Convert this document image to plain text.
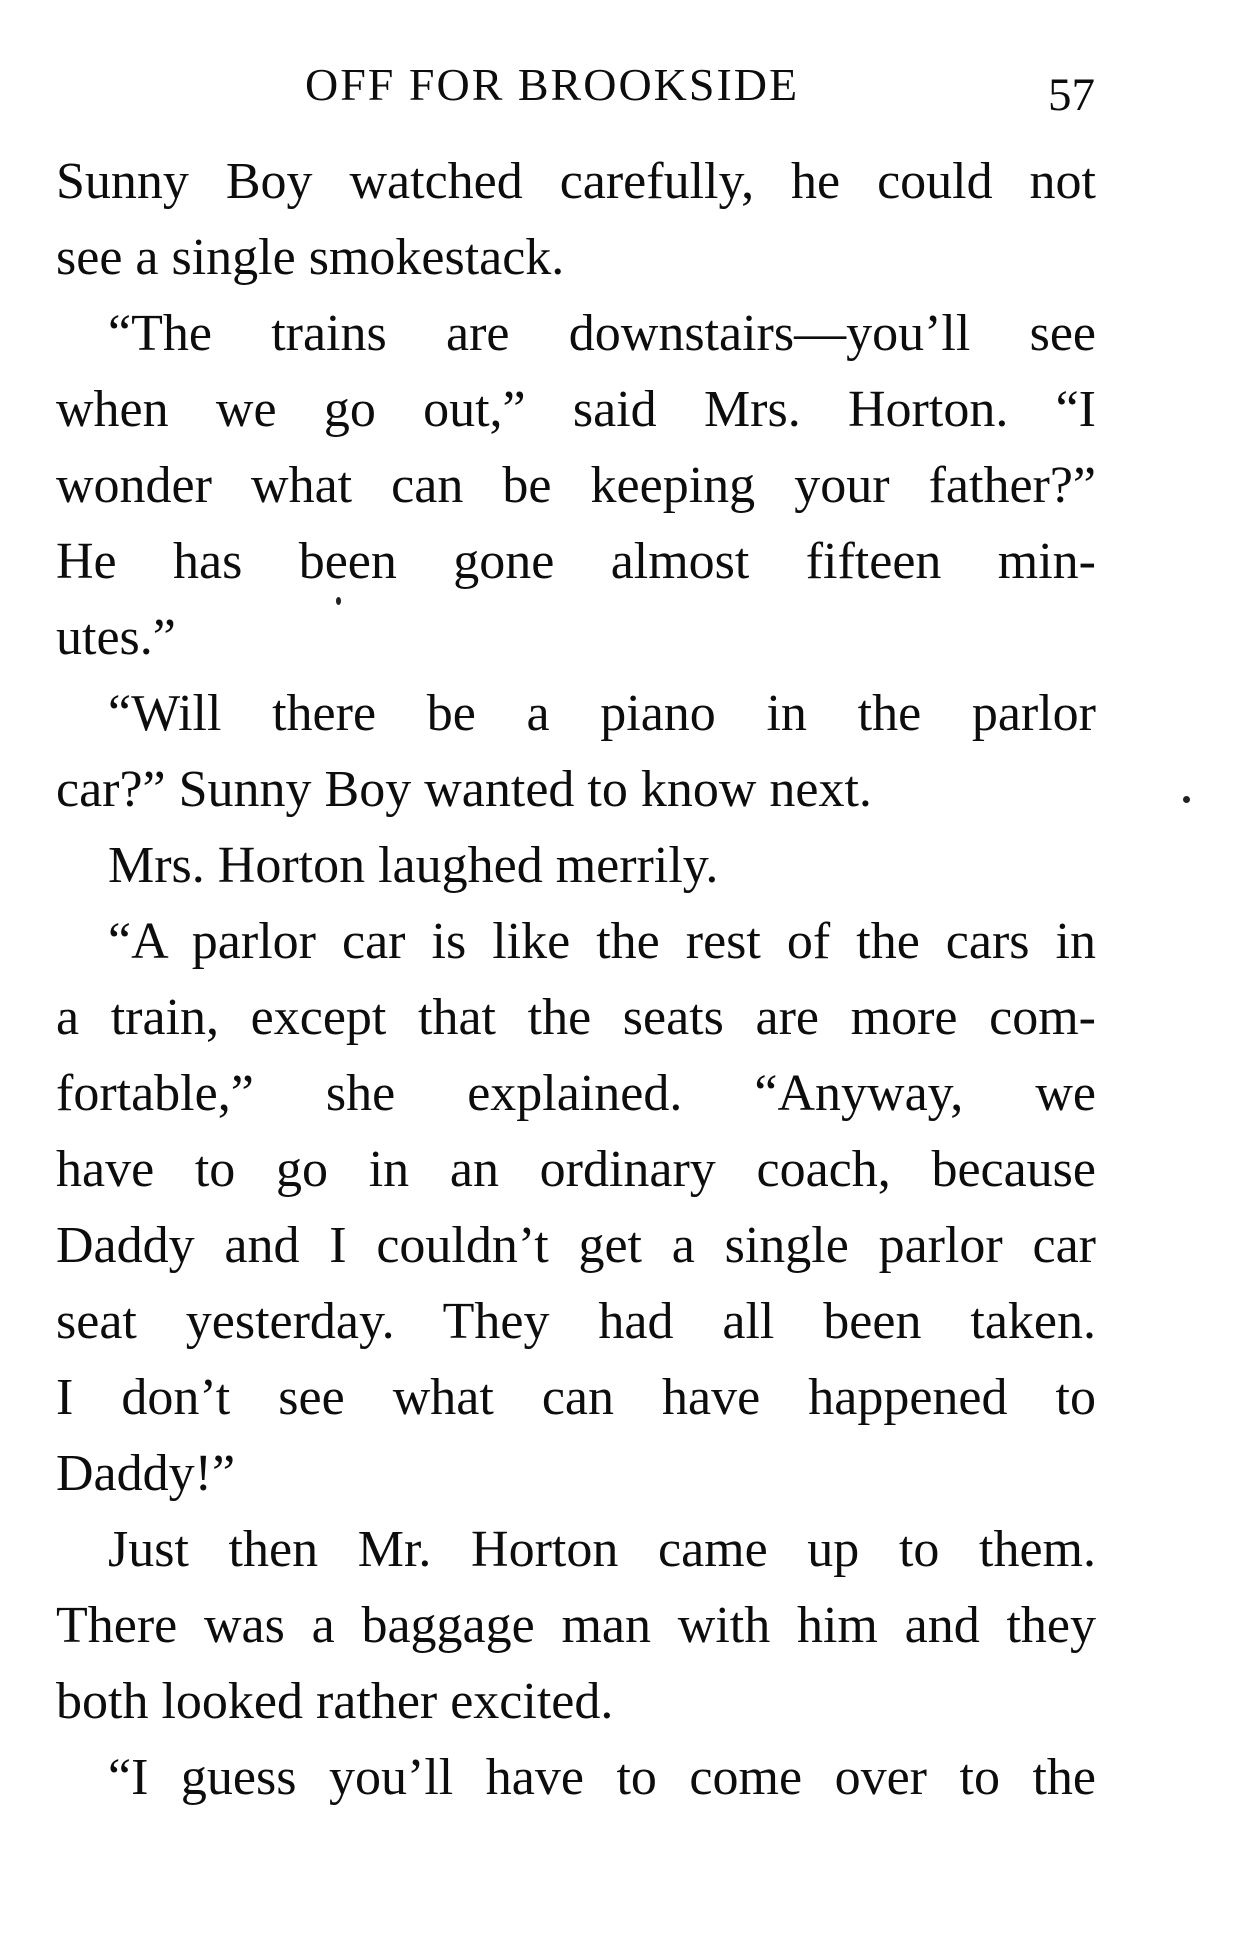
OFF FOR BROOKSIDE	57
Sunny Boy watched carefully, he could not
see a single smokestack.
“The trains are downstairs—you’ll see
when we go out,” said Mrs. Horton. “I
wonder what can be keeping your father?”
He has been gone almost fifteen min-
utes.”
“Will there be a piano in the parlor
car?” Sunny Boy wanted to know next.
Mrs. Horton laughed merrily.
“A parlor car is like the rest of the cars in
a train, except that the seats are more com-
fortable,” she explained. “Anyway, we
have to go in an ordinary coach, because
Daddy and I couldn’t get a single parlor car
seat yesterday. They had all been taken.
I don’t see what can have happened to
Daddy!”
Just then Mr. Horton came up to them.
There was a baggage man with him and they
both looked rather excited.
“I guess you’ll have to come over to the
